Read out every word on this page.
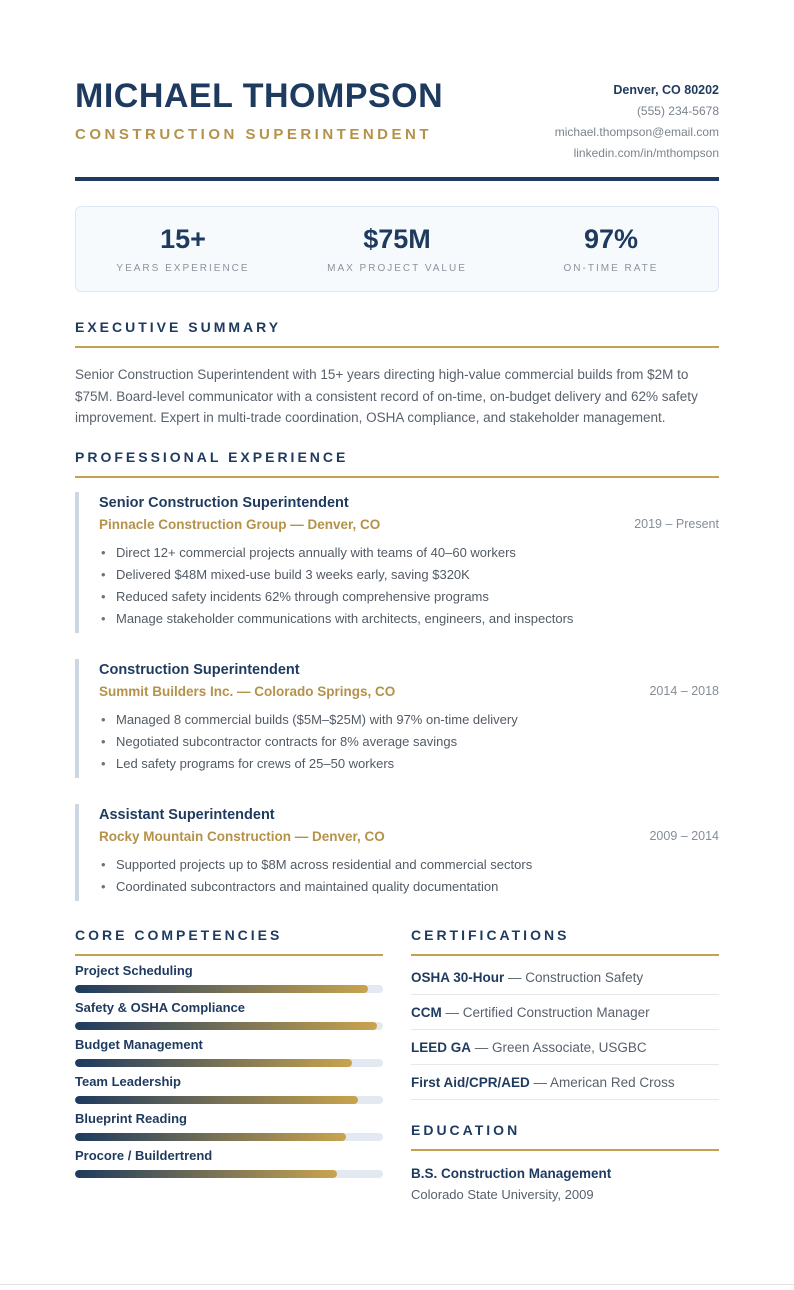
MICHAEL THOMPSON
CONSTRUCTION SUPERINTENDENT
Denver, CO 80202
(555) 234-5678
michael.thompson@email.com
linkedin.com/in/mthompson
15+
YEARS EXPERIENCE
$75M
MAX PROJECT VALUE
97%
ON-TIME RATE
EXECUTIVE SUMMARY

Senior Construction Superintendent with 15+ years directing high-value commercial builds from $2M to $75M. Board-level communicator with a consistent record of on-time, on-budget delivery and 62% safety improvement. Expert in multi-trade coordination, OSHA compliance, and stakeholder management.

PROFESSIONAL EXPERIENCE
Senior Construction Superintendent
Pinnacle Construction Group — Denver, CO	2019 – Present
• Direct 12+ commercial projects annually with teams of 40–60 workers
• Delivered $48M mixed-use build 3 weeks early, saving $320K
• Reduced safety incidents 62% through comprehensive programs
• Manage stakeholder communications with architects, engineers, and inspectors
Construction Superintendent
Summit Builders Inc. — Colorado Springs, CO	2014 – 2018
• Managed 8 commercial builds ($5M–$25M) with 97% on-time delivery
• Negotiated subcontractor contracts for 8% average savings
• Led safety programs for crews of 25–50 workers
Assistant Superintendent
Rocky Mountain Construction — Denver, CO	2009 – 2014
• Supported projects up to $8M across residential and commercial sectors
• Coordinated subcontractors and maintained quality documentation
CORE COMPETENCIES
Project Scheduling
Safety & OSHA Compliance
Budget Management
Team Leadership
Blueprint Reading
Procore / Buildertrend
CERTIFICATIONS
OSHA 30-Hour — Construction Safety
CCM — Certified Construction Manager
LEED GA — Green Associate, USGBC
First Aid/CPR/AED — American Red Cross
EDUCATION
B.S. Construction Management
Colorado State University, 2009
